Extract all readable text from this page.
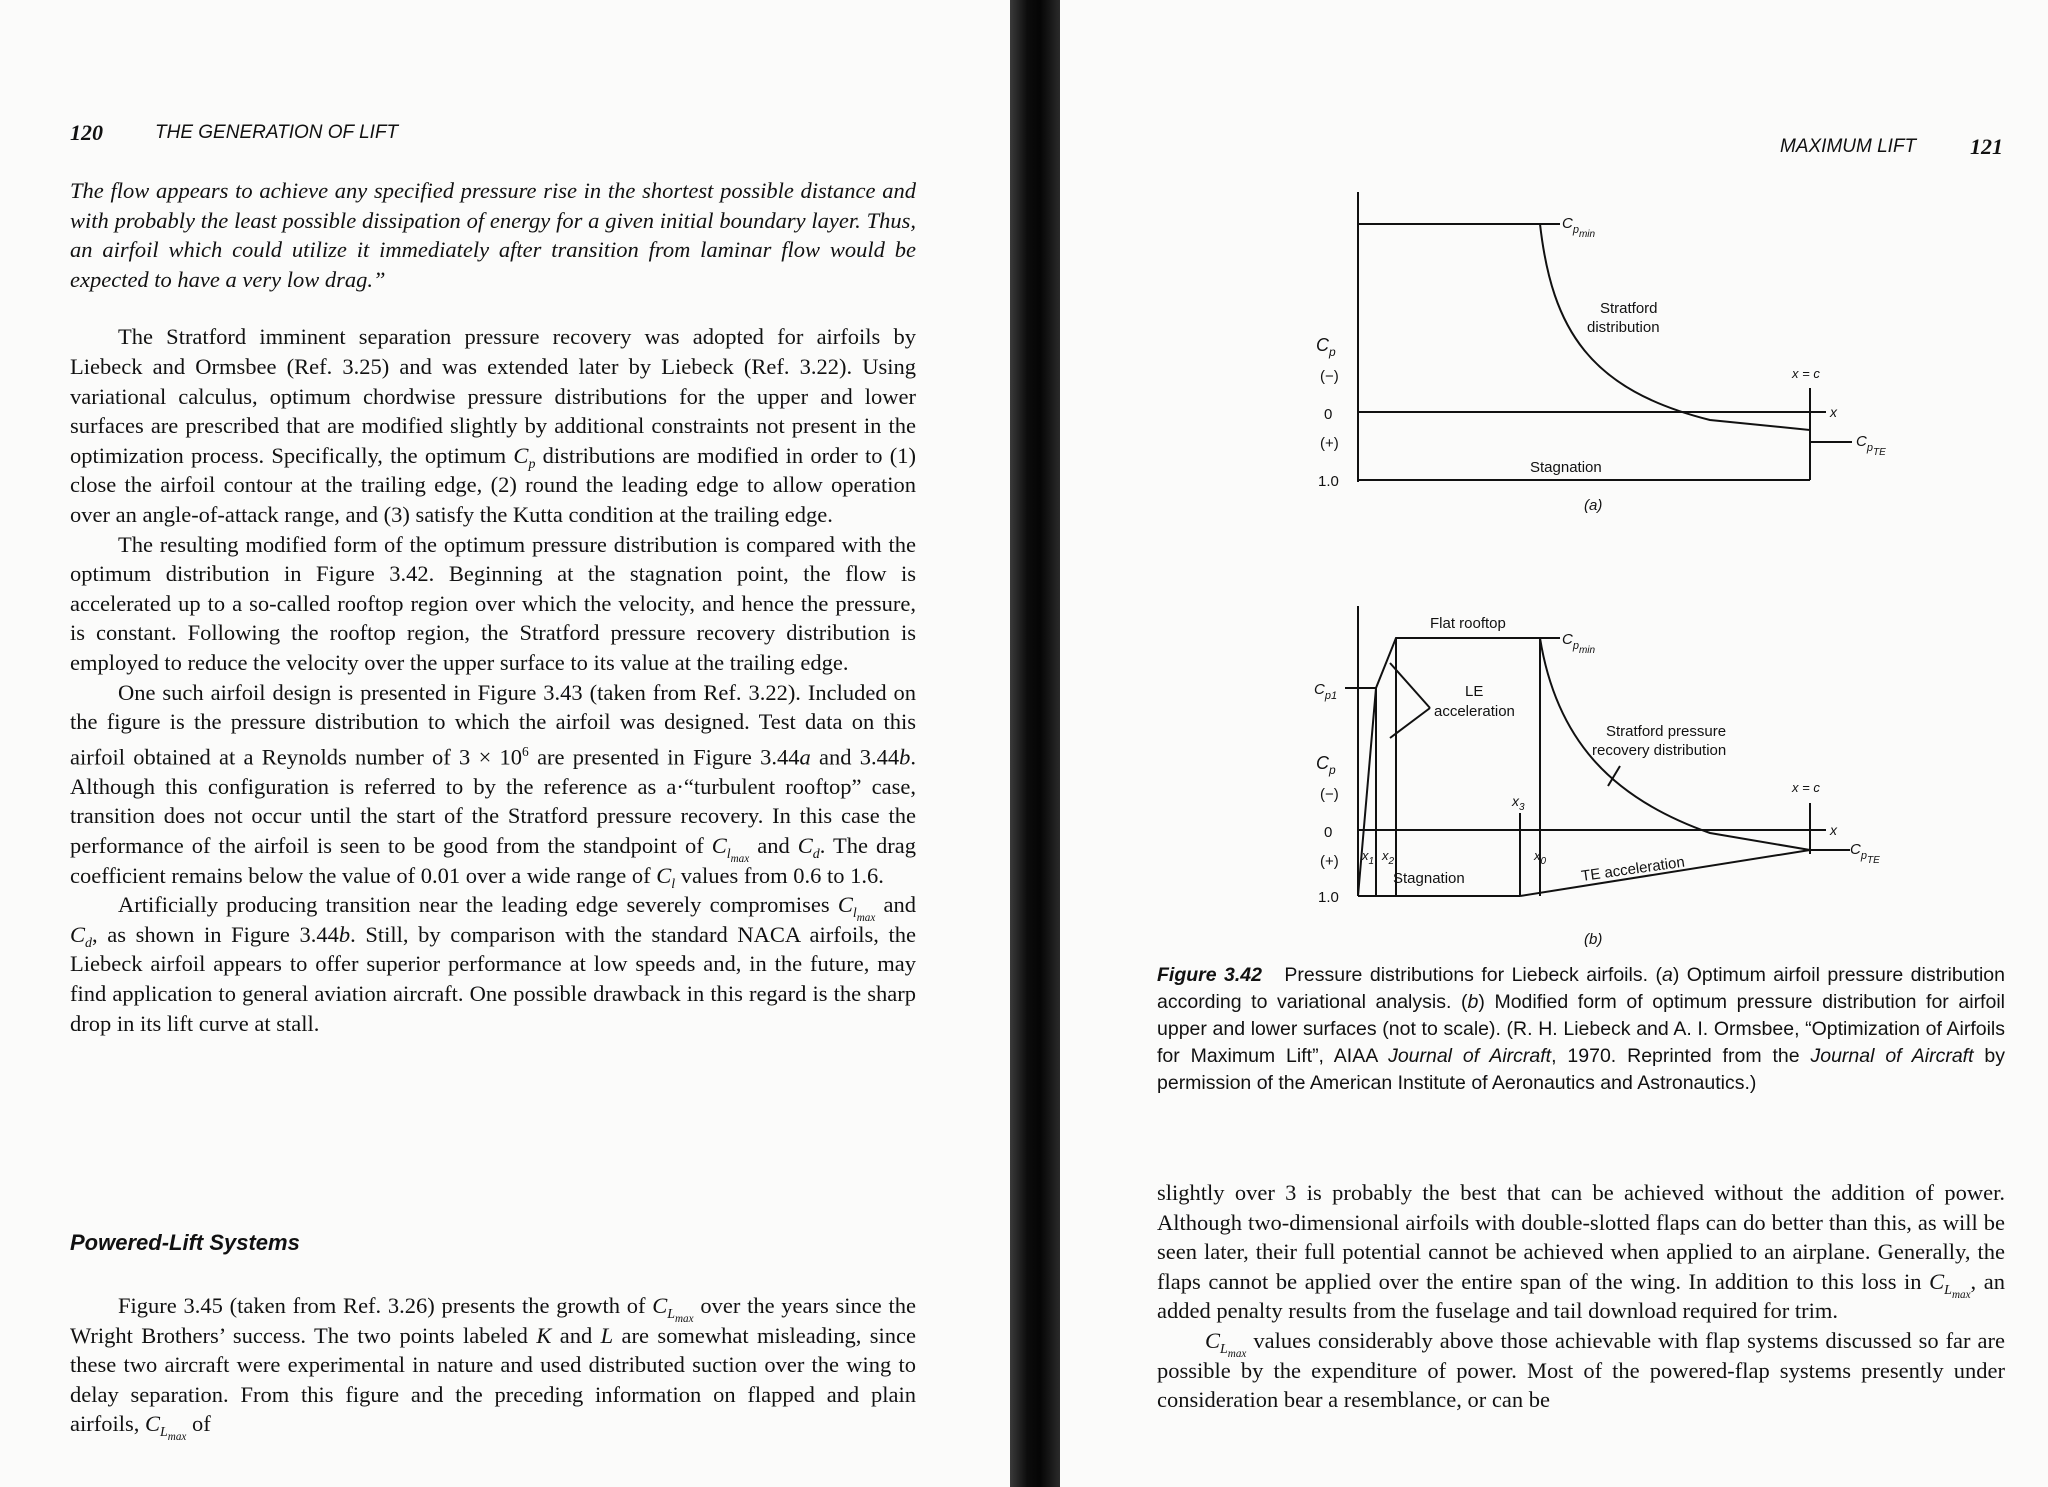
120	THE GENERATION OF LIFT

The flow appears to achieve any specified pressure rise in the shortest possible distance and with probably the least possible dissipation of energy for a given initial boundary layer. Thus, an airfoil which could utilize it immediately after transition from laminar flow would be expected to have a very low drag.”

The Stratford imminent separation pressure recovery was adopted for airfoils by Liebeck and Ormsbee (Ref. 3.25) and was extended later by Liebeck (Ref. 3.22). Using variational calculus, optimum chordwise pressure distributions for the upper and lower surfaces are prescribed that are modified slightly by additional constraints not present in the optimization process. Specifically, the optimum $C_p$ distributions are modified in order to (1) close the airfoil contour at the trailing edge, (2) round the leading edge to allow operation over an angle-of-attack range, and (3) satisfy the Kutta condition at the trailing edge.

The resulting modified form of the optimum pressure distribution is compared with the optimum distribution in Figure 3.42. Beginning at the stagnation point, the flow is accelerated up to a so-called rooftop region over which the velocity, and hence the pressure, is constant. Following the rooftop region, the Stratford pressure recovery distribution is employed to reduce the velocity over the upper surface to its value at the trailing edge.

One such airfoil design is presented in Figure 3.43 (taken from Ref. 3.22). Included on the figure is the pressure distribution to which the airfoil was designed. Test data on this airfoil obtained at a Reynolds number of $3 \times 10^6$ are presented in Figure 3.44a and 3.44b. Although this configuration is referred to by the reference as a·“turbulent rooftop” case, transition does not occur until the start of the Stratford pressure recovery. In this case the performance of the airfoil is seen to be good from the standpoint of $C_{l_{max}}$ and $C_d$. The drag coefficient remains below the value of 0.01 over a wide range of $C_l$ values from 0.6 to 1.6.

Artificially producing transition near the leading edge severely compromises $C_{l_{max}}$ and $C_d$, as shown in Figure 3.44b. Still, by comparison with the standard NACA airfoils, the Liebeck airfoil appears to offer superior performance at low speeds and, in the future, may find application to general aviation aircraft. One possible drawback in this regard is the sharp drop in its lift curve at stall.

Powered-Lift Systems

Figure 3.45 (taken from Ref. 3.26) presents the growth of $C_{L_{max}}$ over the years since the Wright Brothers’ success. The two points labeled K and L are somewhat misleading, since these two aircraft were experimental in nature and used distributed suction over the wing to delay separation. From this figure and the preceding information on flapped and plain airfoils, $C_{L_{max}}$ of

MAXIMUM LIFT 121
$C_p$
(−)
0
(+)
1.0
$C_{pmin}$
Stratford
distribution
x = c
x
$C_{pTE}$
Stagnation
(a)
Flat rooftop
$C_{pmin}$
$C_{p1}$	LE
acceleration
Stratford pressure
recovery distribution
$C_p$
x = c
$x_3$
(−)
0	x
(+) $x_1$ $x_2$	$x_0$
$C_{pTE}$
TE acceleration
Stagnation
1.0
(b)
Figure 3.42 Pressure distributions for Liebeck airfoils. (a) Optimum airfoil pressure distribution according to variational analysis. (b) Modified form of optimum pressure distribution for airfoil upper and lower surfaces (not to scale). (R. H. Liebeck and A. I. Ormsbee, “Optimization of Airfoils for Maximum Lift”, AIAA Journal of Aircraft, 1970. Reprinted from the Journal of Aircraft by permission of the American Institute of Aeronautics and Astronautics.)

slightly over 3 is probably the best that can be achieved without the addition of power. Although two-dimensional airfoils with double-slotted flaps can do better than this, as will be seen later, their full potential cannot be achieved when applied to an airplane. Generally, the flaps cannot be applied over the entire span of the wing. In addition to this loss in $C_{L_{max}}$, an added penalty results from the fuselage and tail download required for trim.

$C_{L_{max}}$ values considerably above those achievable with flap systems discussed so far are possible by the expenditure of power. Most of the powered-flap systems presently under consideration bear a resemblance, or can be
